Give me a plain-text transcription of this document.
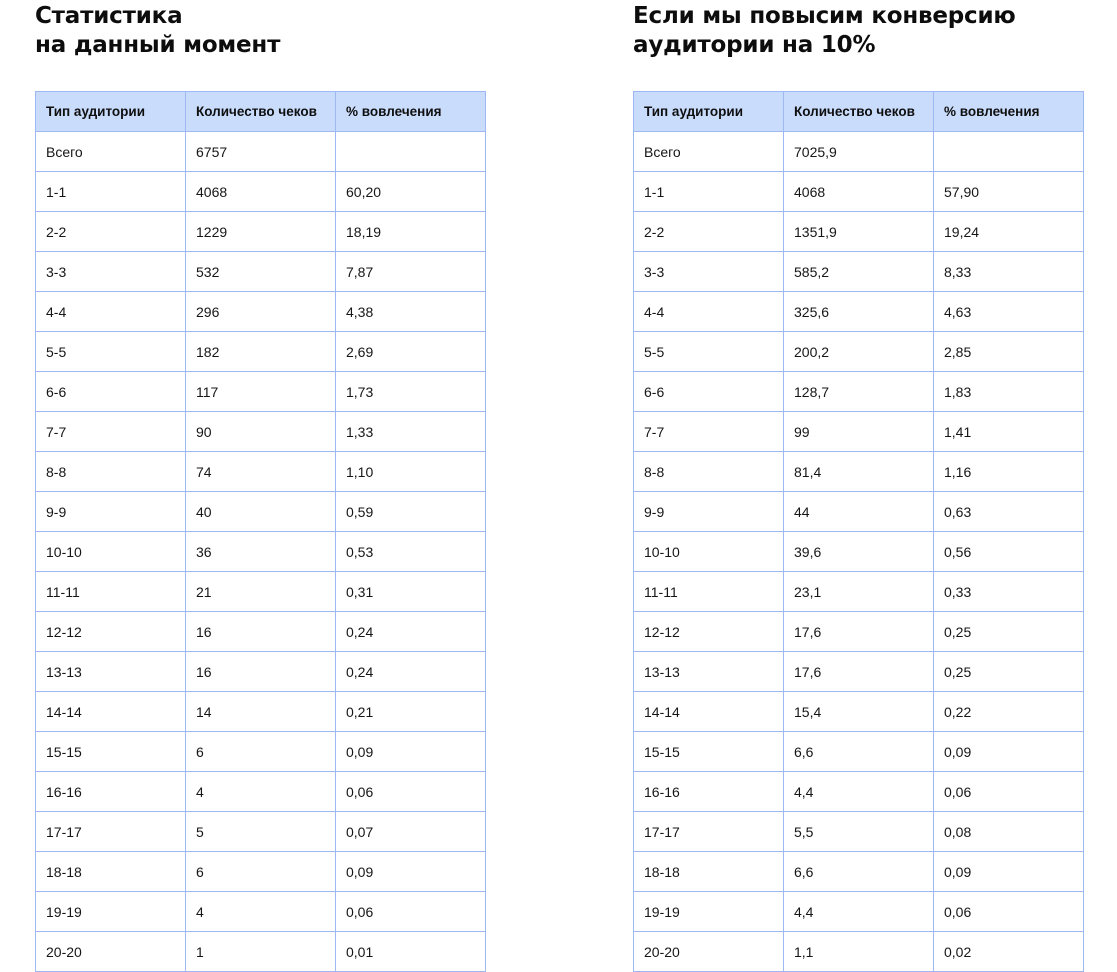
Статистика
на данный момент
Тип аудитории	Количество чеков	% вовлечения
Всего	6757	
1-1	4068	60,20
2-2	1229	18,19
3-3	532	7,87
4-4	296	4,38
5-5	182	2,69
6-6	117	1,73
7-7	90	1,33
8-8	74	1,10
9-9	40	0,59
10-10	36	0,53
11-11	21	0,31
12-12	16	0,24
13-13	16	0,24
14-14	14	0,21
15-15	6	0,09
16-16	4	0,06
17-17	5	0,07
18-18	6	0,09
19-19	4	0,06
20-20	1	0,01
Если мы повысим конверсию
аудитории на 10%
Тип аудитории	Количество чеков	% вовлечения
Всего	7025,9	
1-1	4068	57,90
2-2	1351,9	19,24
3-3	585,2	8,33
4-4	325,6	4,63
5-5	200,2	2,85
6-6	128,7	1,83
7-7	99	1,41
8-8	81,4	1,16
9-9	44	0,63
10-10	39,6	0,56
11-11	23,1	0,33
12-12	17,6	0,25
13-13	17,6	0,25
14-14	15,4	0,22
15-15	6,6	0,09
16-16	4,4	0,06
17-17	5,5	0,08
18-18	6,6	0,09
19-19	4,4	0,06
20-20	1,1	0,02
